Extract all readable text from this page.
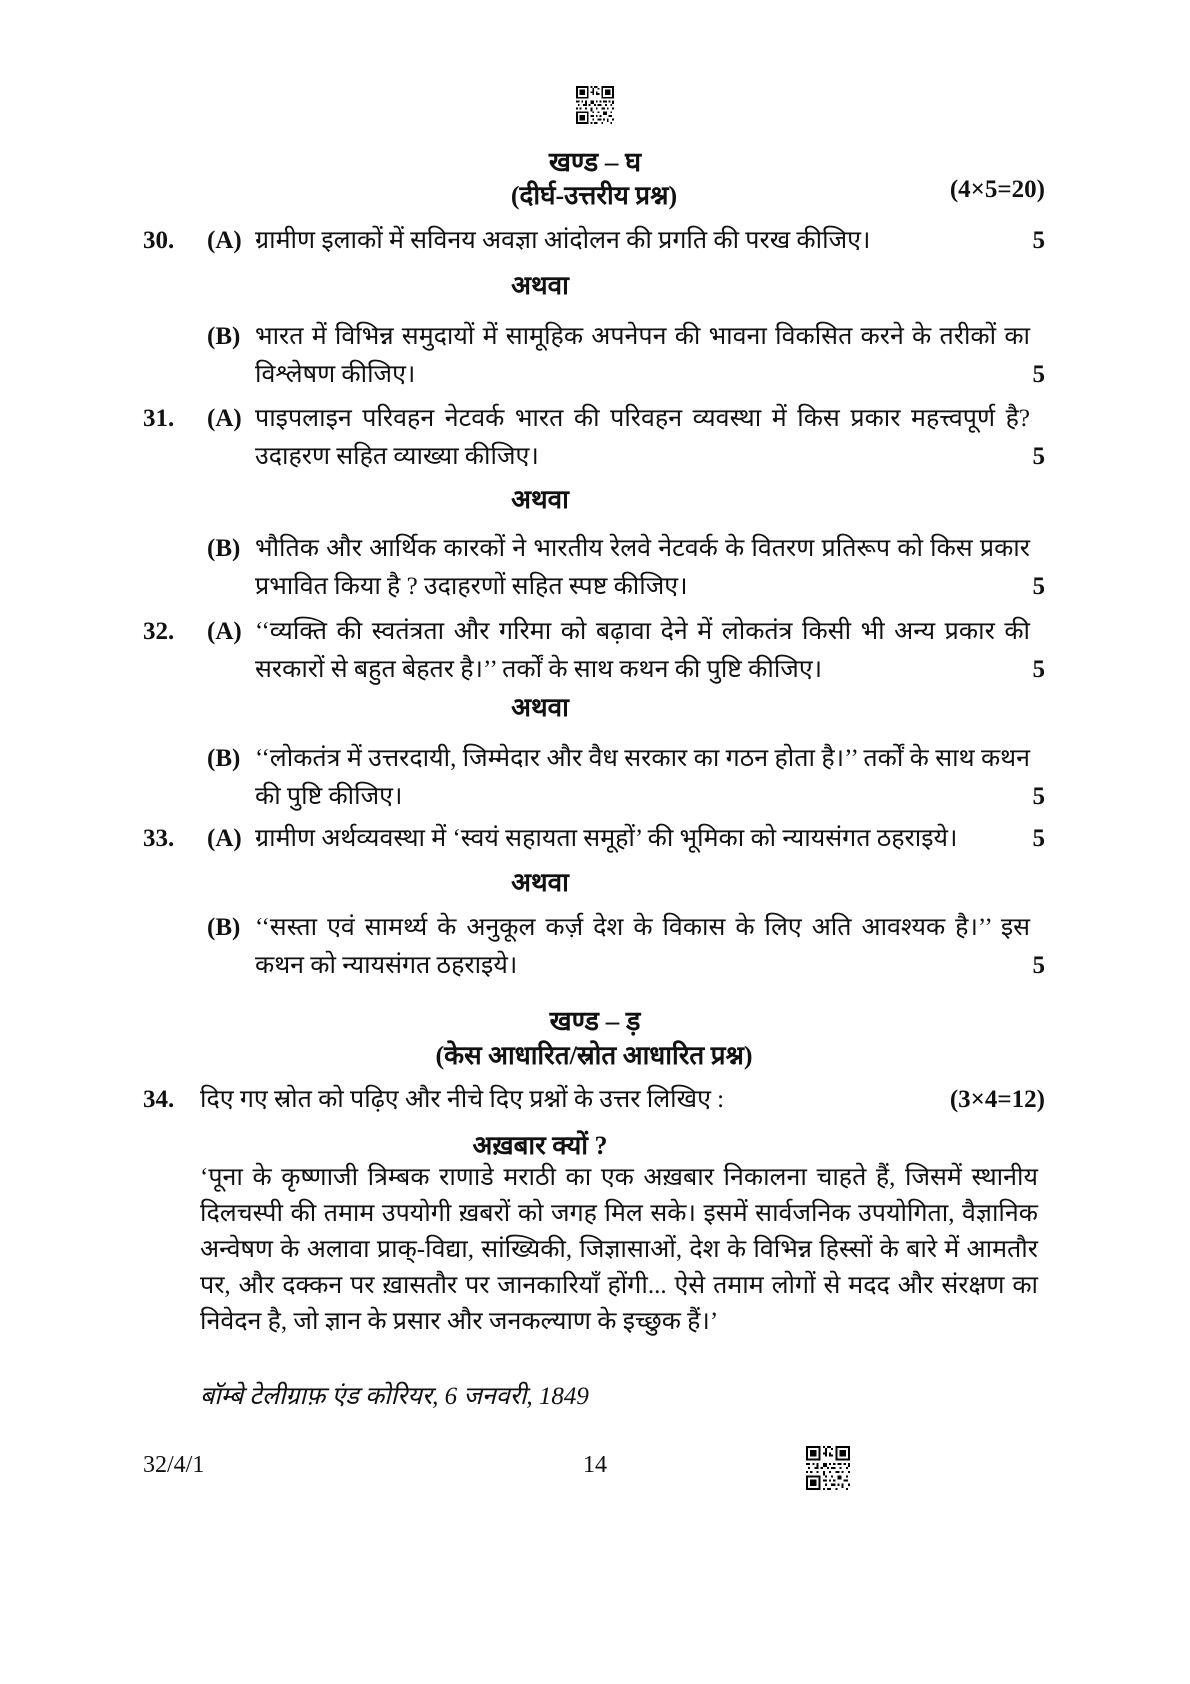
खण्ड – घ
(दीर्घ-उत्तरीय प्रश्न)	(4×5=20)
30.	(A) ग्रामीण इलाकों में सविनय अवज्ञा आंदोलन की प्रगति की परख कीजिए।	5
अथवा
(B) भारत में विभिन्न समुदायों में सामूहिक अपनेपन की भावना विकसित करने के तरीकों का विश्लेषण कीजिए।	5
31.	(A) पाइपलाइन परिवहन नेटवर्क भारत की परिवहन व्यवस्था में किस प्रकार महत्त्वपूर्ण है? उदाहरण सहित व्याख्या कीजिए।	5
अथवा
(B) भौतिक और आर्थिक कारकों ने भारतीय रेलवे नेटवर्क के वितरण प्रतिरूप को किस प्रकार प्रभावित किया है ? उदाहरणों सहित स्पष्ट कीजिए।	5
32.	(A) ‘‘व्यक्ति की स्वतंत्रता और गरिमा को बढ़ावा देने में लोकतंत्र किसी भी अन्य प्रकार की सरकारों से बहुत बेहतर है।’’ तर्कों के साथ कथन की पुष्टि कीजिए।	5
अथवा
(B) ‘‘लोकतंत्र में उत्तरदायी, जिम्मेदार और वैध सरकार का गठन होता है।’’ तर्कों के साथ कथन की पुष्टि कीजिए।	5
33.	(A) ग्रामीण अर्थव्यवस्था में ‘स्वयं सहायता समूहों’ की भूमिका को न्यायसंगत ठहराइये।	5
अथवा
(B) ‘‘सस्ता एवं सामर्थ्य के अनुकूल कर्ज़ देश के विकास के लिए अति आवश्यक है।’’ इस कथन को न्यायसंगत ठहराइये।	5
खण्ड – ड़
(केस आधारित/स्रोत आधारित प्रश्न)
34.	दिए गए स्रोत को पढ़िए और नीचे दिए प्रश्नों के उत्तर लिखिए :	(3×4=12)
अख़बार क्यों ?
‘पूना के कृष्णाजी त्रिम्बक राणाडे मराठी का एक अख़बार निकालना चाहते हैं, जिसमें स्थानीय दिलचस्पी की तमाम उपयोगी ख़बरों को जगह मिल सके। इसमें सार्वजनिक उपयोगिता, वैज्ञानिक अन्वेषण के अलावा प्राक्-विद्या, सांख्यिकी, जिज्ञासाओं, देश के विभिन्न हिस्सों के बारे में आमतौर पर, और दक्कन पर ख़ासतौर पर जानकारियाँ होंगी... ऐसे तमाम लोगों से मदद और संरक्षण का निवेदन है, जो ज्ञान के प्रसार और जनकल्याण के इच्छुक हैं।’
बॉम्बे टेलीग्राफ़ एंड कोरियर, 6 जनवरी, 1849
32/4/1	14
